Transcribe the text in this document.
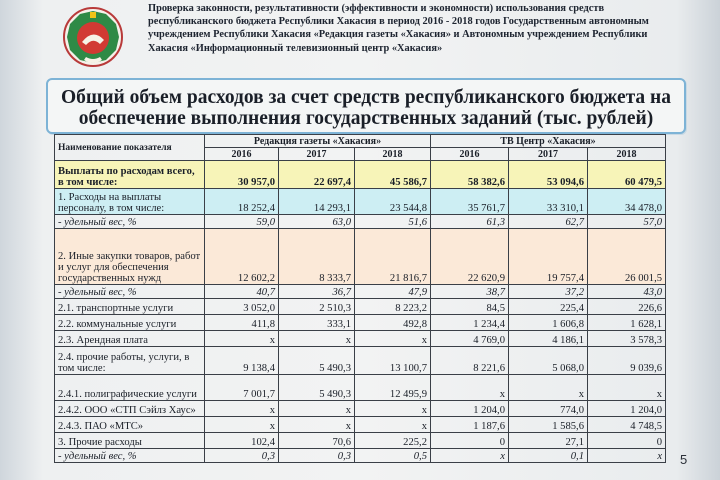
Проверка законности, результативности (эффективности и экономности) использования средств
республиканского бюджета Республики Хакасия в период 2016 - 2018 годов Государственным автономным
учреждением Республики Хакасия «Редакция газеты «Хакасия» и Автономным учреждением Республики
Хакасия «Информационный телевизионный центр «Хакасия»
Общий объем расходов за счет средств республиканского бюджета на
обеспечение выполнения государственных заданий (тыс. рублей)
Наименование показателя	Редакция газеты «Хакасия»			ТВ Центр «Хакасия»		
	2016	2017	2018	2016	2017	2018
Выплаты по расходам всего,
в том числе:	30 957,0	22 697,4	45 586,7	58 382,6	53 094,6	60 479,5
1. Расходы на выплаты персоналу, в том числе:	18 252,4	14 293,1	23 544,8	35 761,7	33 310,1	34 478,0
- удельный вес, %	59,0	63,0	51,6	61,3	62,7	57,0
2. Иные закупки товаров, работ и услуг для обеспечения государственных нужд	12 602,2	8 333,7	21 816,7	22 620,9	19 757,4	26 001,5
- удельный вес, %	40,7	36,7	47,9	38,7	37,2	43,0
2.1. транспортные услуги	3 052,0	2 510,3	8 223,2	84,5	225,4	226,6
2.2. коммунальные услуги	411,8	333,1	492,8	1 234,4	1 606,8	1 628,1
2.3. Арендная плата	x	x	x	4 769,0	4 186,1	3 578,3
2.4. прочие работы, услуги, в том числе:	9 138,4	5 490,3	13 100,7	8 221,6	5 068,0	9 039,6
2.4.1. полиграфические услуги	7 001,7	5 490,3	12 495,9	x	x	x
2.4.2. ООО «СТП Сэйлз Хаус»	x	x	x	1 204,0	774,0	1 204,0
2.4.3. ПАО «МТС»	x	x	x	1 187,6	1 585,6	4 748,5
3. Прочие расходы	102,4	70,6	225,2	0	27,1	0
- удельный вес, %	0,3	0,3	0,5	x	0,1	x 5
